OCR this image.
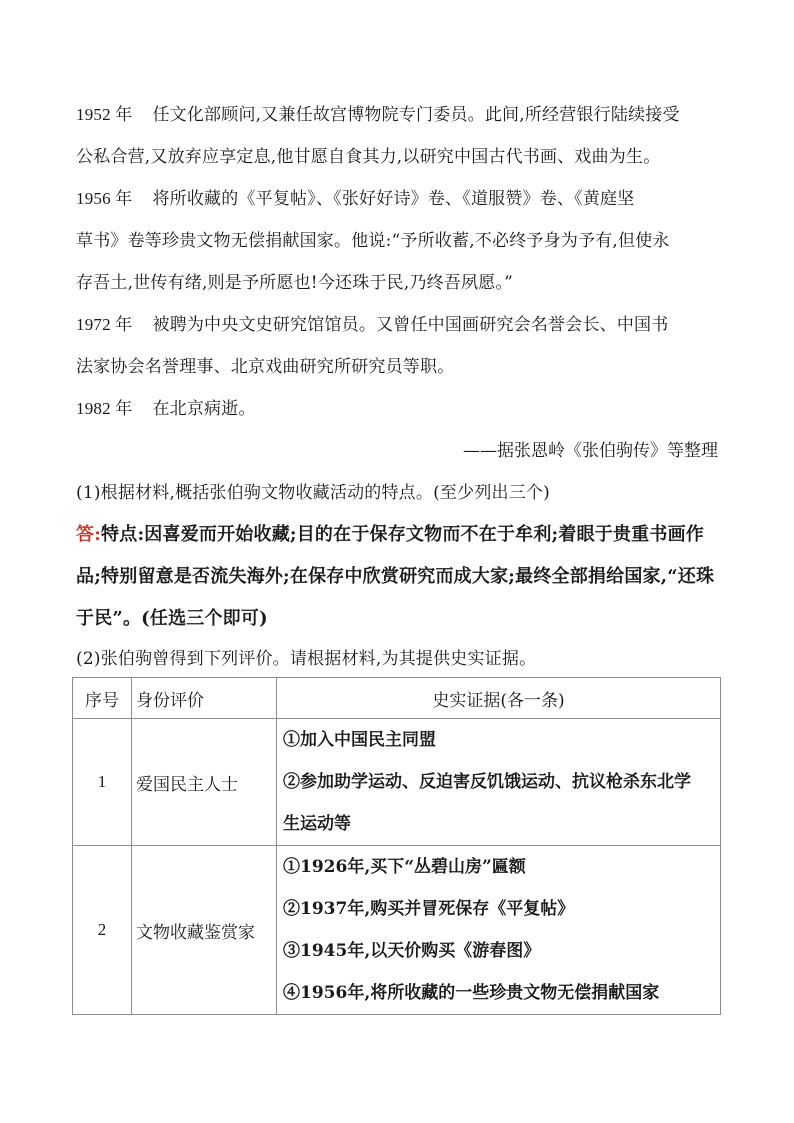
1952 年 任文化部顾问,又兼任故宫博物院专门委员。此间,所经营银行陆续接受
公私合营,又放弃应享定息,他甘愿自食其力,以研究中国古代书画、戏曲为生。
1956 年 将所收藏的《平复帖》、《张好好诗》卷、《道服赞》卷、《黄庭坚
草书》卷等珍贵文物无偿捐献国家。他说:“予所收蓄,不必终予身为予有,但使永
存吾土,世传有绪,则是予所愿也!今还珠于民,乃终吾夙愿。”
1972 年 被聘为中央文史研究馆馆员。又曾任中国画研究会名誉会长、中国书
法家协会名誉理事、北京戏曲研究所研究员等职。
1982 年 在北京病逝。
——据张恩岭《张伯驹传》等整理
(1)根据材料,概括张伯驹文物收藏活动的特点。(至少列出三个)
答:特点:因喜爱而开始收藏;目的在于保存文物而不在于牟利;着眼于贵重书画作
品;特别留意是否流失海外;在保存中欣赏研究而成大家;最终全部捐给国家,“还珠
于民”。(任选三个即可)
(2)张伯驹曾得到下列评价。请根据材料,为其提供史实证据。
序号	身份评价	史实证据(各一条)
1	爱国民主人士	①加入中国民主同盟
②参加助学运动、反迫害反饥饿运动、抗议枪杀东北学
生运动等

2	文物收藏鉴赏家	①1926年,买下“丛碧山房”匾额
②1937年,购买并冒死保存《平复帖》
③1945年,以天价购买《游春图》
④1956年,将所收藏的一些珍贵文物无偿捐献国家
